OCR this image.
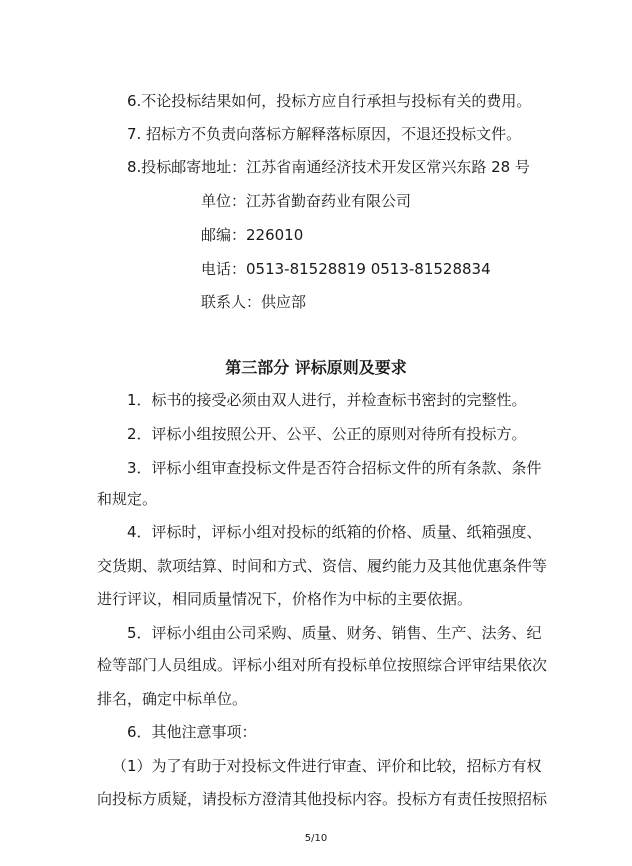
6.不论投标结果如何，投标方应自行承担与投标有关的费用。
7. 招标方不负责向落标方解释落标原因，不退还投标文件。
8.投标邮寄地址：江苏省南通经济技术开发区常兴东路 28 号
单位：江苏省勤奋药业有限公司
邮编：226010
电话：0513-81528819 0513-81528834
联系人：供应部
第三部分 评标原则及要求
1．标书的接受必须由双人进行，并检查标书密封的完整性。
2．评标小组按照公开、公平、公正的原则对待所有投标方。
3．评标小组审查投标文件是否符合招标文件的所有条款、条件
和规定。
4．评标时，评标小组对投标的纸箱的价格、质量、纸箱强度、
交货期、款项结算、时间和方式、资信、履约能力及其他优惠条件等
进行评议，相同质量情况下，价格作为中标的主要依据。
5．评标小组由公司采购、质量、财务、销售、生产、法务、纪
检等部门人员组成。评标小组对所有投标单位按照综合评审结果依次
排名，确定中标单位。
6．其他注意事项：
（1）为了有助于对投标文件进行审查、评价和比较，招标方有权
向投标方质疑，请投标方澄清其他投标内容。投标方有责任按照招标
5/10
